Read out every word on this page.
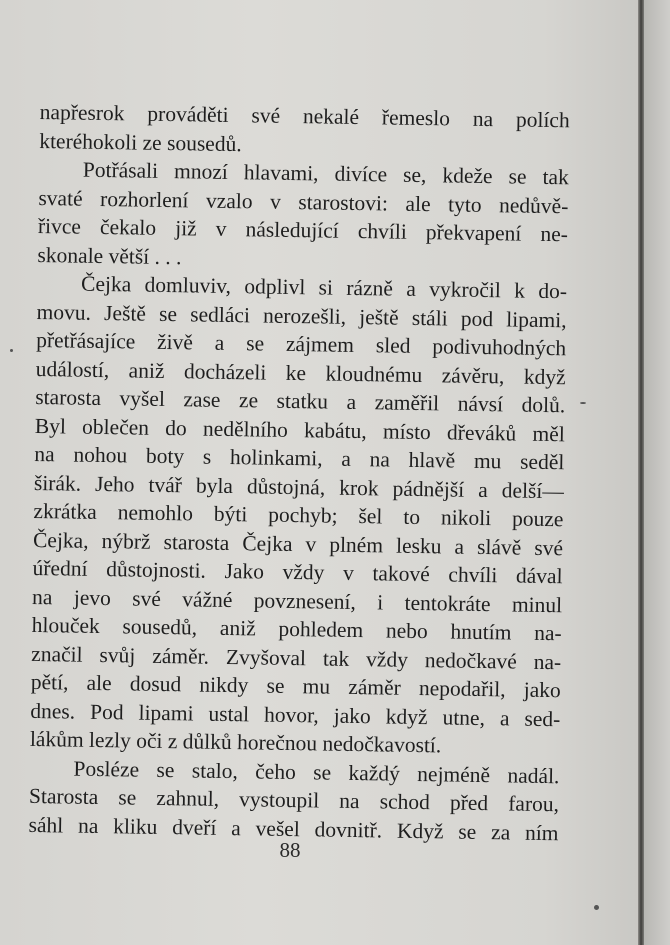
napřesrok prováděti své nekalé řemeslo na polích
kteréhokoli ze sousedů.
Potřásali mnozí hlavami, divíce se, kdeže se tak
svaté rozhorlení vzalo v starostovi: ale tyto nedůvě-
řivce čekalo již v následující chvíli překvapení ne-
skonale větší . . .
Čejka domluviv, odplivl si rázně a vykročil k do-
movu. Ještě se sedláci nerozešli, ještě stáli pod lipami,
přetřásajíce živě a se zájmem sled podivuhodných
událostí, aniž docházeli ke kloudnému závěru, když
starosta vyšel zase ze statku a zaměřil návsí dolů.
Byl oblečen do nedělního kabátu, místo dřeváků měl
na nohou boty s holinkami, a na hlavě mu seděl
širák. Jeho tvář byla důstojná, krok pádnější a delší—
zkrátka nemohlo býti pochyb; šel to nikoli pouze
Čejka, nýbrž starosta Čejka v plném lesku a slávě své
úřední důstojnosti. Jako vždy v takové chvíli dával
na jevo své vážné povznesení, i tentokráte minul
hlouček sousedů, aniž pohledem nebo hnutím na-
značil svůj záměr. Zvyšoval tak vždy nedočkavé na-
pětí, ale dosud nikdy se mu záměr nepodařil, jako
dnes. Pod lipami ustal hovor, jako když utne, a sed-
lákům lezly oči z důlků horečnou nedočkavostí.
Posléze se stalo, čeho se každý nejméně nadál.
Starosta se zahnul, vystoupil na schod před farou,
sáhl na kliku dveří a vešel dovnitř. Když se za ním
88
